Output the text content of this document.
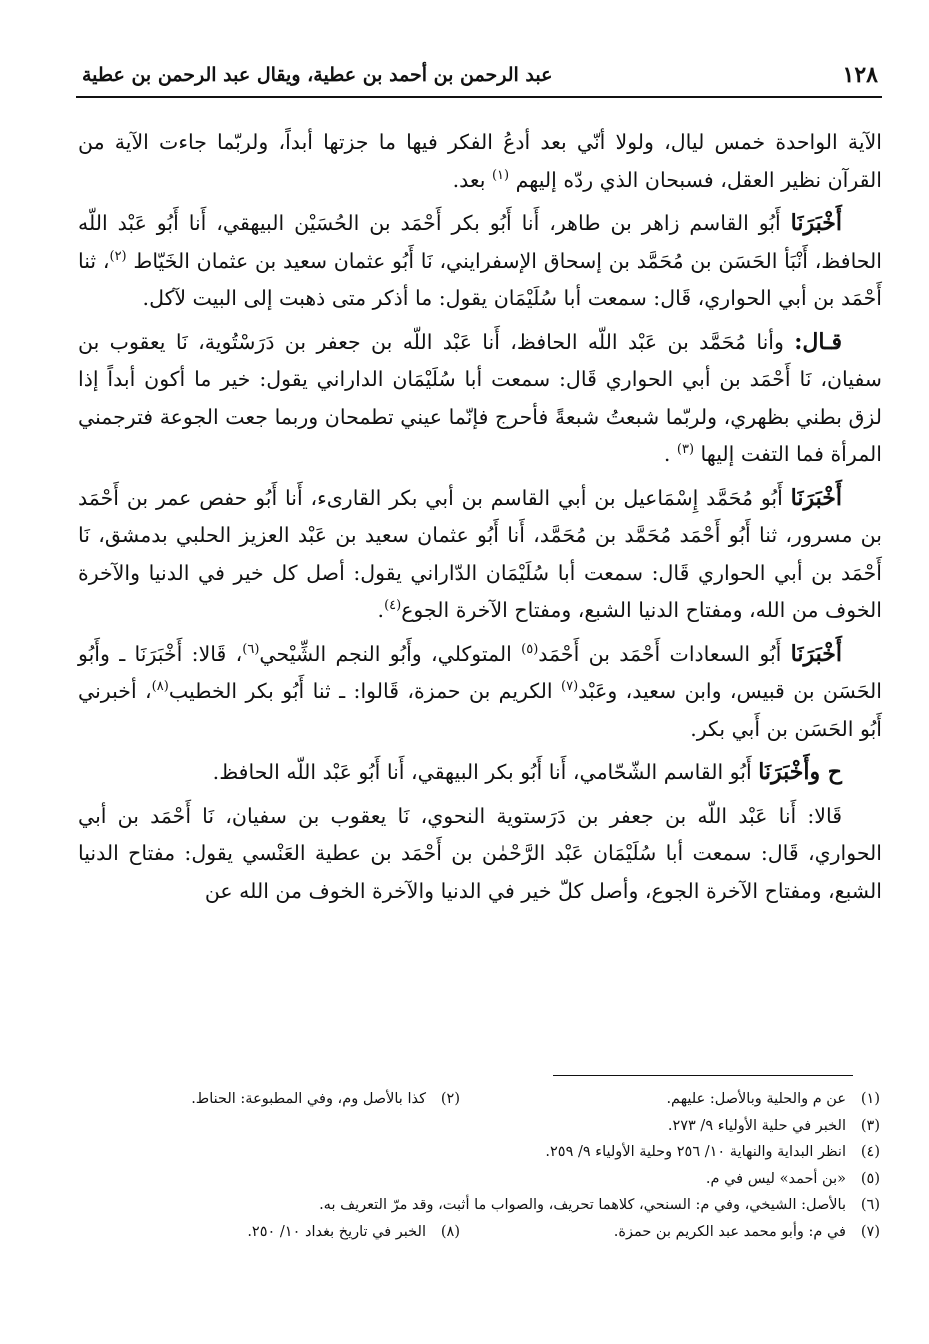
١٢٨
عبد الرحمن بن أحمد بن عطية، ويقال عبد الرحمن بن عطية

الآية الواحدة خمس ليال، ولولا أنّي بعد أدعُ الفكر فيها ما جزتها أبداً، ولربّما جاءت الآية من القرآن نظير العقل، فسبحان الذي ردّه إليهم $^{(١)}$ بعد.

أَخْبَرَنَا أَبُو القاسم زاهر بن طاهر، أَنا أَبُو بكر أَحْمَد بن الحُسَيْن البيهقي، أَنا أَبُو عَبْد اللّه الحافظ، أَنْبَأ الحَسَن بن مُحَمَّد بن إسحاق الإسفرايني، نَا أَبُو عثمان سعيد بن عثمان الخَيّاط $^{(٢)}$، ثنا أَحْمَد بن أبي الحواري، قَال: سمعت أبا سُلَيْمَان يقول: ما أذكر متى ذهبت إلى البيت لآكل.

قـال: وأنا مُحَمَّد بن عَبْد اللّه الحافظ، أَنا عَبْد اللّه بن جعفر بن دَرَسْتُوية، نَا يعقوب بن سفيان، نَا أَحْمَد بن أبي الحواري قَال: سمعت أبا سُلَيْمَان الداراني يقول: خير ما أكون أبداً إذا لزق بطني بظهري، ولربّما شبعتُ شبعةً فأحرج فإنّما عيني تطمحان وربما جعت الجوعة فترجمني المرأة فما التفت إليها $^{(٣)}$ .

أَخْبَرَنَا أَبُو مُحَمَّد إِسْمَاعيل بن أبي القاسم بن أبي بكر القارىء، أَنا أَبُو حفص عمر بن أَحْمَد بن مسرور، ثنا أَبُو أَحْمَد مُحَمَّد بن مُحَمَّد، أَنا أَبُو عثمان سعيد بن عَبْد العزيز الحلبي بدمشق، نَا أَحْمَد بن أبي الحواري قَال: سمعت أبا سُلَيْمَان الدّاراني يقول: أصل كل خير في الدنيا والآخرة الخوف من الله، ومفتاح الدنيا الشبع، ومفتاح الآخرة الجوع$^{(٤)}$.

أَخْبَرَنَا أَبُو السعادات أَحْمَد بن أَحْمَد$^{(٥)}$ المتوكلي، وأَبُو النجم الشِّيْحي$^{(٦)}$، قَالا: أَخْبَرَنَا ـ وأَبُو الحَسَن بن قبيس، وابن سعيد، وعَبْد$^{(٧)}$ الكريم بن حمزة، قَالوا: ـ ثنا أَبُو بكر الخطيب$^{(٨)}$، أخبرني أَبُو الحَسَن بن أَبي بكر.

ح وأَخْبَرَنَا أَبُو القاسم الشّحّامي، أَنا أَبُو بكر البيهقي، أَنا أَبُو عَبْد اللّه الحافظ.

قَالا: أَنا عَبْد اللّه بن جعفر بن دَرَستوية النحوي، نَا يعقوب بن سفيان، نَا أَحْمَد بن أبي الحواري، قَال: سمعت أبا سُلَيْمَان عَبْد الرَّحْمٰن بن أَحْمَد بن عطية العَنْسي يقول: مفتاح الدنيا الشبع، ومفتاح الآخرة الجوع، وأصل كلّ خير في الدنيا والآخرة الخوف من الله عن

(١)عن م والحلية وبالأصل: عليهم.
(٢)كذا بالأصل وم، وفي المطبوعة: الحناط.
(٣)الخبر في حلية الأولياء ٩/ ٢٧٣.
(٤)انظر البداية والنهاية ١٠/ ٢٥٦ وحلية الأولياء ٩/ ٢٥٩.
(٥)«بن أحمد» ليس في م.
(٦)بالأصل: الشيخي، وفي م: السنحي، كلاهما تحريف، والصواب ما أثبت، وقد مرّ التعريف به.
(٧)في م: وأبو محمد عبد الكريم بن حمزة.
(٨)الخبر في تاريخ بغداد ١٠/ ٢٥٠.
